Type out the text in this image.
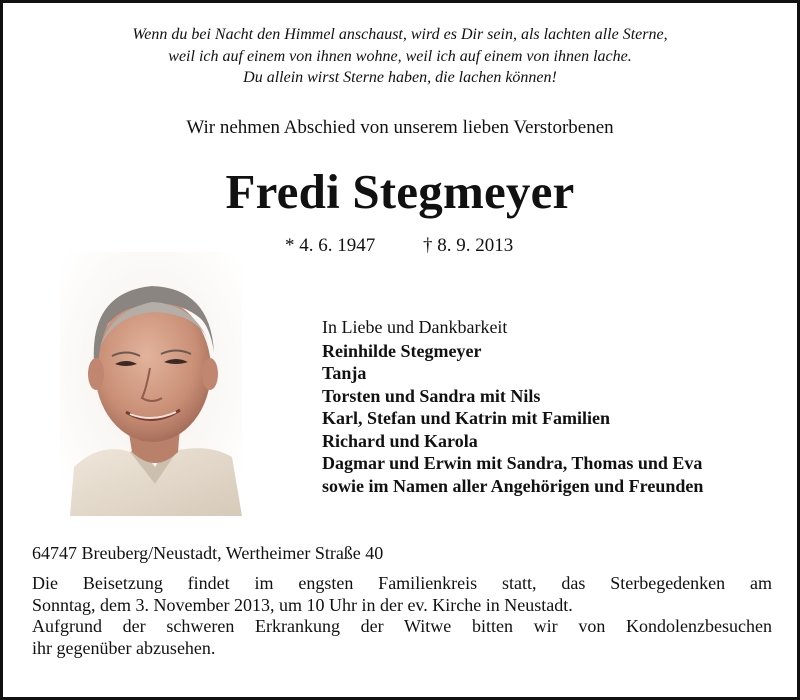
Wenn du bei Nacht den Himmel anschaust, wird es Dir sein, als lachten alle Sterne,
weil ich auf einem von ihnen wohne, weil ich auf einem von ihnen lache.
Du allein wirst Sterne haben, die lachen können!
Wir nehmen Abschied von unserem lieben Verstorbenen
Fredi Stegmeyer
* 4. 6. 1947	† 8. 9. 2013
In Liebe und Dankbarkeit
Reinhilde Stegmeyer
Tanja
Torsten und Sandra mit Nils
Karl, Stefan und Katrin mit Familien
Richard und Karola
Dagmar und Erwin mit Sandra, Thomas und Eva
sowie im Namen aller Angehörigen und Freunden
64747 Breuberg/Neustadt, Wertheimer Straße 40
Die Beisetzung findet im engsten Familienkreis statt, das Sterbegedenken am
Sonntag, dem 3. November 2013, um 10 Uhr in der ev. Kirche in Neustadt.
Aufgrund der schweren Erkrankung der Witwe bitten wir von Kondolenzbesuchen
ihr gegenüber abzusehen.
